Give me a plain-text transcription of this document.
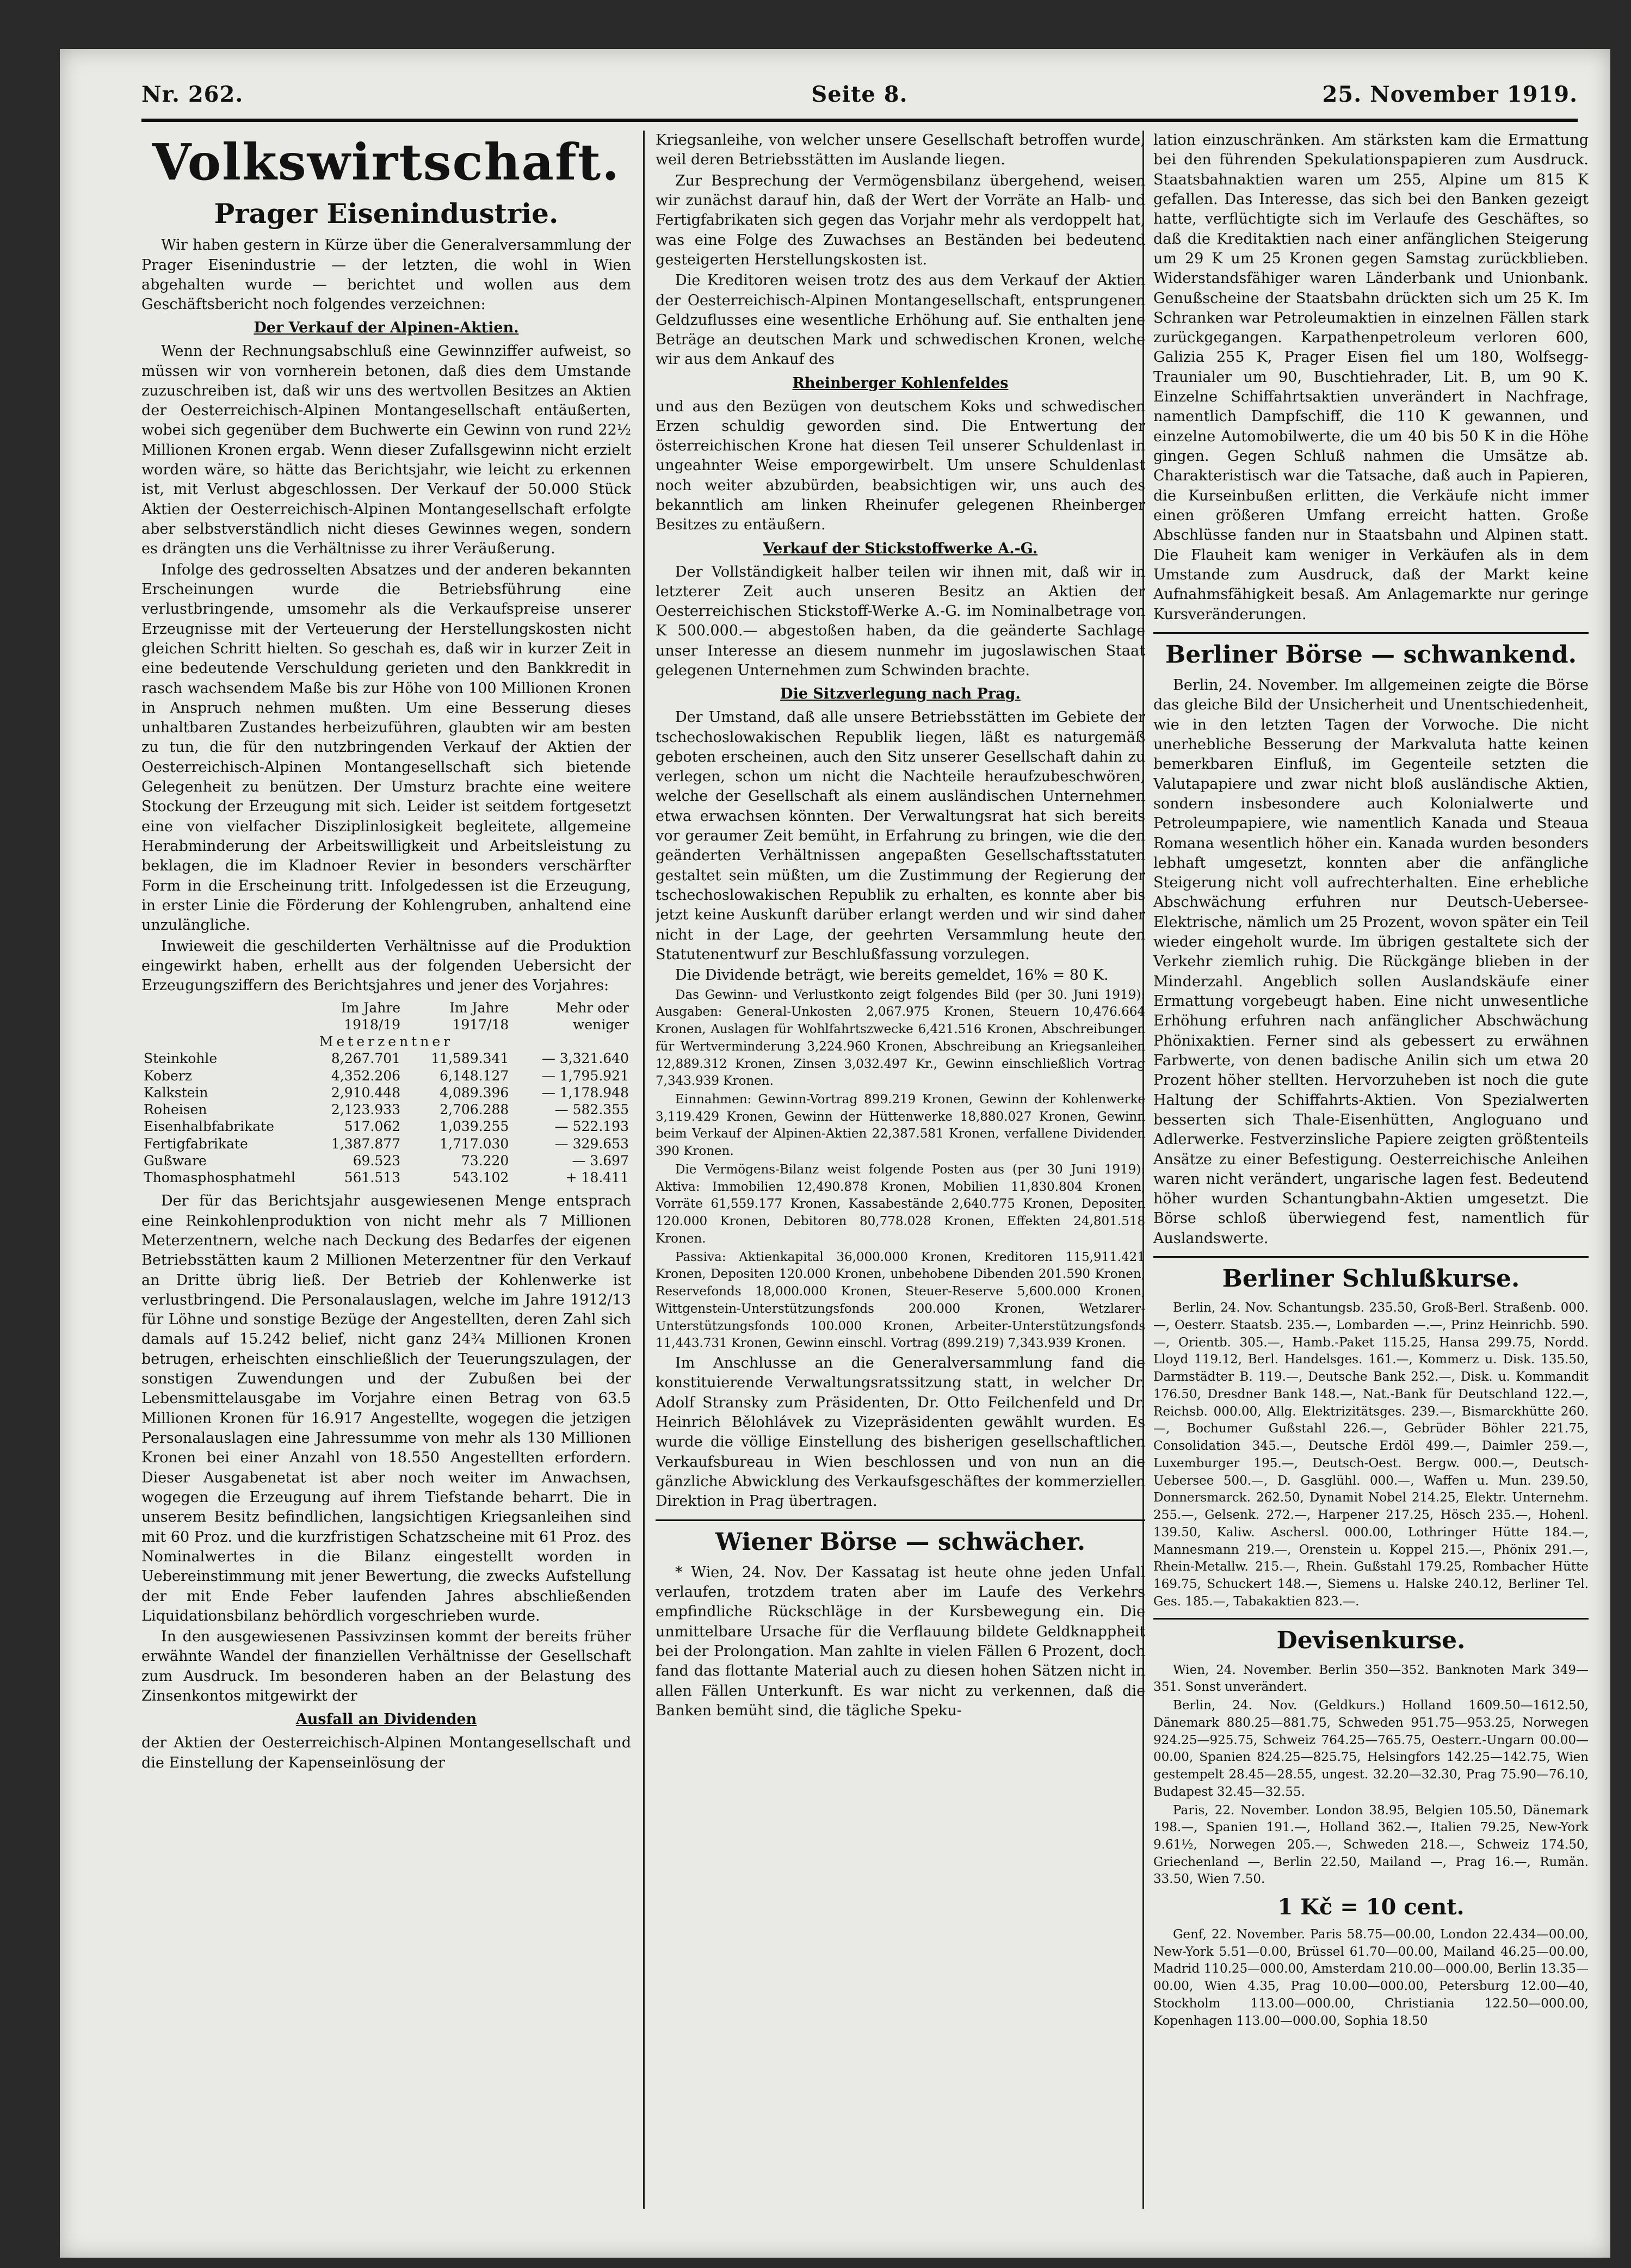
Nr. 262.	Seite 8.	25. November 1919.
Volkswirtschaft.
Prager Eisenindustrie.

Wir haben gestern in Kürze über die Generalversammlung der Prager Eisenindustrie — der letzten, die wohl in Wien abgehalten wurde — berichtet und wollen aus dem Geschäftsbericht noch folgendes verzeichnen:

Der Verkauf der Alpinen-Aktien.

Wenn der Rechnungsabschluß eine Gewinnziffer aufweist, so müssen wir von vornherein betonen, daß dies dem Umstande zuzuschreiben ist, daß wir uns des wertvollen Besitzes an Aktien der Oesterreichisch-Alpinen Montangesellschaft entäußerten, wobei sich gegenüber dem Buchwerte ein Gewinn von rund 22½ Millionen Kronen ergab. Wenn dieser Zufallsgewinn nicht erzielt worden wäre, so hätte das Berichtsjahr, wie leicht zu erkennen ist, mit Verlust abgeschlossen. Der Verkauf der 50.000 Stück Aktien der Oesterreichisch-Alpinen Montangesellschaft erfolgte aber selbstverständlich nicht dieses Gewinnes wegen, sondern es drängten uns die Verhältnisse zu ihrer Veräußerung.

Infolge des gedrosselten Absatzes und der anderen bekannten Erscheinungen wurde die Betriebsführung eine verlustbringende, umsomehr als die Verkaufspreise unserer Erzeugnisse mit der Verteuerung der Herstellungskosten nicht gleichen Schritt hielten. So geschah es, daß wir in kurzer Zeit in eine bedeutende Verschuldung gerieten und den Bankkredit in rasch wachsendem Maße bis zur Höhe von 100 Millionen Kronen in Anspruch nehmen mußten. Um eine Besserung dieses unhaltbaren Zustandes herbeizuführen, glaubten wir am besten zu tun, die für den nutzbringenden Verkauf der Aktien der Oesterreichisch-Alpinen Montangesellschaft sich bietende Gelegenheit zu benützen. Der Umsturz brachte eine weitere Stockung der Erzeugung mit sich. Leider ist seitdem fortgesetzt eine von vielfacher Disziplinlosigkeit begleitete, allgemeine Herabminderung der Arbeitswilligkeit und Arbeitsleistung zu beklagen, die im Kladnoer Revier in besonders verschärfter Form in die Erscheinung tritt. Infolgedessen ist die Erzeugung, in erster Linie die Förderung der Kohlengruben, anhaltend eine unzulängliche.

Inwieweit die geschilderten Verhältnisse auf die Produktion eingewirkt haben, erhellt aus der folgenden Uebersicht der Erzeugungsziffern des Berichtsjahres und jener des Vorjahres:

	Im Jahre 1918/19	Im Jahre 1917/18	Mehr oder weniger
Meterzentner			
Steinkohle	8,267.701	11,589.341	— 3,321.640
Koberz	4,352.206	6,148.127	— 1,795.921
Kalkstein	2,910.448	4,089.396	— 1,178.948
Roheisen	2,123.933	2,706.288	— 582.355
Eisenhalbfabrikate	517.062	1,039.255	— 522.193
Fertigfabrikate	1,387.877	1,717.030	— 329.653
Gußware	69.523	73.220	— 3.697
Thomasphosphatmehl	561.513	543.102	+ 18.411

Der für das Berichtsjahr ausgewiesenen Menge entsprach eine Reinkohlenproduktion von nicht mehr als 7 Millionen Meterzentnern, welche nach Deckung des Bedarfes der eigenen Betriebsstätten kaum 2 Millionen Meterzentner für den Verkauf an Dritte übrig ließ. Der Betrieb der Kohlenwerke ist verlustbringend. Die Personalauslagen, welche im Jahre 1912/13 für Löhne und sonstige Bezüge der Angestellten, deren Zahl sich damals auf 15.242 belief, nicht ganz 24¾ Millionen Kronen betrugen, erheischten einschließlich der Teuerungszulagen, der sonstigen Zuwendungen und der Zubußen bei der Lebensmittelausgabe im Vorjahre einen Betrag von 63.5 Millionen Kronen für 16.917 Angestellte, wogegen die jetzigen Personalauslagen eine Jahressumme von mehr als 130 Millionen Kronen bei einer Anzahl von 18.550 Angestellten erfordern. Dieser Ausgabenetat ist aber noch weiter im Anwachsen, wogegen die Erzeugung auf ihrem Tiefstande beharrt. Die in unserem Besitz befindlichen, langsichtigen Kriegsanleihen sind mit 60 Proz. und die kurzfristigen Schatzscheine mit 61 Proz. des Nominalwertes in die Bilanz eingestellt worden in Uebereinstimmung mit jener Bewertung, die zwecks Aufstellung der mit Ende Feber laufenden Jahres abschließenden Liquidationsbilanz behördlich vorgeschrieben wurde.

In den ausgewiesenen Passivzinsen kommt der bereits früher erwähnte Wandel der finanziellen Verhältnisse der Gesellschaft zum Ausdruck. Im besonderen haben an der Belastung des Zinsenkontos mitgewirkt der

Ausfall an Dividenden

der Aktien der Oesterreichisch-Alpinen Montangesellschaft und die Einstellung der Kapenseinlösung der

Kriegsanleihe, von welcher unsere Gesellschaft betroffen wurde, weil deren Betriebsstätten im Auslande liegen.

Zur Besprechung der Vermögensbilanz übergehend, weisen wir zunächst darauf hin, daß der Wert der Vorräte an Halb- und Fertigfabrikaten sich gegen das Vorjahr mehr als verdoppelt hat, was eine Folge des Zuwachses an Beständen bei bedeutend gesteigerten Herstellungskosten ist.

Die Kreditoren weisen trotz des aus dem Verkauf der Aktien der Oesterreichisch-Alpinen Montangesellschaft, entsprungenen Geldzuflusses eine wesentliche Erhöhung auf. Sie enthalten jene Beträge an deutschen Mark und schwedischen Kronen, welche wir aus dem Ankauf des

Rheinberger Kohlenfeldes

und aus den Bezügen von deutschem Koks und schwedischen Erzen schuldig geworden sind. Die Entwertung der österreichischen Krone hat diesen Teil unserer Schuldenlast in ungeahnter Weise emporgewirbelt. Um unsere Schuldenlast noch weiter abzubürden, beabsichtigen wir, uns auch des bekanntlich am linken Rheinufer gelegenen Rheinberger Besitzes zu entäußern.

Verkauf der Stickstoffwerke A.-G.

Der Vollständigkeit halber teilen wir ihnen mit, daß wir in letzterer Zeit auch unseren Besitz an Aktien der Oesterreichischen Stickstoff-Werke A.-G. im Nominalbetrage von K 500.000.— abgestoßen haben, da die geänderte Sachlage unser Interesse an diesem nunmehr im jugoslawischen Staat gelegenen Unternehmen zum Schwinden brachte.

Die Sitzverlegung nach Prag.

Der Umstand, daß alle unsere Betriebsstätten im Gebiete der tschechoslowakischen Republik liegen, läßt es naturgemäß geboten erscheinen, auch den Sitz unserer Gesellschaft dahin zu verlegen, schon um nicht die Nachteile heraufzubeschwören, welche der Gesellschaft als einem ausländischen Unternehmen etwa erwachsen könnten. Der Verwaltungsrat hat sich bereits vor geraumer Zeit bemüht, in Erfahrung zu bringen, wie die den geänderten Verhältnissen angepaßten Gesellschaftsstatuten gestaltet sein müßten, um die Zustimmung der Regierung der tschechoslowakischen Republik zu erhalten, es konnte aber bis jetzt keine Auskunft darüber erlangt werden und wir sind daher nicht in der Lage, der geehrten Versammlung heute den Statutenentwurf zur Beschlußfassung vorzulegen.

Die Dividende beträgt, wie bereits gemeldet, 16% = 80 K.

Das Gewinn- und Verlustkonto zeigt folgendes Bild (per 30. Juni 1919): Ausgaben: General-Unkosten 2,067.975 Kronen, Steuern 10,476.664 Kronen, Auslagen für Wohlfahrtszwecke 6,421.516 Kronen, Abschreibungen für Wertverminderung 3,224.960 Kronen, Abschreibung an Kriegsanleihen 12,889.312 Kronen, Zinsen 3,032.497 Kr., Gewinn einschließlich Vortrag 7,343.939 Kronen.

Einnahmen: Gewinn-Vortrag 899.219 Kronen, Gewinn der Kohlenwerke 3,119.429 Kronen, Gewinn der Hüttenwerke 18,880.027 Kronen, Gewinn beim Verkauf der Alpinen-Aktien 22,387.581 Kronen, verfallene Dividenden 390 Kronen.

Die Vermögens-Bilanz weist folgende Posten aus (per 30 Juni 1919): Aktiva: Immobilien 12,490.878 Kronen, Mobilien 11,830.804 Kronen, Vorräte 61,559.177 Kronen, Kassabestände 2,640.775 Kronen, Depositen 120.000 Kronen, Debitoren 80,778.028 Kronen, Effekten 24,801.518 Kronen.

Passiva: Aktienkapital 36,000.000 Kronen, Kreditoren 115,911.421 Kronen, Depositen 120.000 Kronen, unbehobene Dibenden 201.590 Kronen, Reservefonds 18,000.000 Kronen, Steuer-Reserve 5,600.000 Kronen, Wittgenstein-Unterstützungsfonds 200.000 Kronen, Wetzlarer-Unterstützungsfonds 100.000 Kronen, Arbeiter-Unterstützungsfonds 11,443.731 Kronen, Gewinn einschl. Vortrag (899.219) 7,343.939 Kronen.

Im Anschlusse an die Generalversammlung fand die konstituierende Verwaltungsratssitzung statt, in welcher Dr. Adolf Stransky zum Präsidenten, Dr. Otto Feilchenfeld und Dr. Heinrich Bělohlávek zu Vizepräsidenten gewählt wurden. Es wurde die völlige Einstellung des bisherigen gesellschaftlichen Verkaufsbureau in Wien beschlossen und von nun an die gänzliche Abwicklung des Verkaufsgeschäftes der kommerziellen Direktion in Prag übertragen.

Wiener Börse — schwächer.

* Wien, 24. Nov. Der Kassatag ist heute ohne jeden Unfall verlaufen, trotzdem traten aber im Laufe des Verkehrs empfindliche Rückschläge in der Kursbewegung ein. Die unmittelbare Ursache für die Verflauung bildete Geldknappheit bei der Prolongation. Man zahlte in vielen Fällen 6 Prozent, doch fand das flottante Material auch zu diesen hohen Sätzen nicht in allen Fällen Unterkunft. Es war nicht zu verkennen, daß die Banken bemüht sind, die tägliche Speku-

lation einzuschränken. Am stärksten kam die Ermattung bei den führenden Spekulationspapieren zum Ausdruck. Staatsbahnaktien waren um 255, Alpine um 815 K gefallen. Das Interesse, das sich bei den Banken gezeigt hatte, verflüchtigte sich im Verlaufe des Geschäftes, so daß die Kreditaktien nach einer anfänglichen Steigerung um 29 K um 25 Kronen gegen Samstag zurückblieben. Widerstandsfähiger waren Länderbank und Unionbank. Genußscheine der Staatsbahn drückten sich um 25 K. Im Schranken war Petroleumaktien in einzelnen Fällen stark zurückgegangen. Karpathenpetroleum verloren 600, Galizia 255 K, Prager Eisen fiel um 180, Wolfsegg-Traunialer um 90, Buschtiehrader, Lit. B, um 90 K. Einzelne Schiffahrtsaktien unverändert in Nachfrage, namentlich Dampfschiff, die 110 K gewannen, und einzelne Automobilwerte, die um 40 bis 50 K in die Höhe gingen. Gegen Schluß nahmen die Umsätze ab. Charakteristisch war die Tatsache, daß auch in Papieren, die Kurseinbußen erlitten, die Verkäufe nicht immer einen größeren Umfang erreicht hatten. Große Abschlüsse fanden nur in Staatsbahn und Alpinen statt. Die Flauheit kam weniger in Verkäufen als in dem Umstande zum Ausdruck, daß der Markt keine Aufnahmsfähigkeit besaß. Am Anlagemarkte nur geringe Kursveränderungen.

Berliner Börse — schwankend.

Berlin, 24. November. Im allgemeinen zeigte die Börse das gleiche Bild der Unsicherheit und Unentschiedenheit, wie in den letzten Tagen der Vorwoche. Die nicht unerhebliche Besserung der Markvaluta hatte keinen bemerkbaren Einfluß, im Gegenteile setzten die Valutapapiere und zwar nicht bloß ausländische Aktien, sondern insbesondere auch Kolonialwerte und Petroleumpapiere, wie namentlich Kanada und Steaua Romana wesentlich höher ein. Kanada wurden besonders lebhaft umgesetzt, konnten aber die anfängliche Steigerung nicht voll aufrechterhalten. Eine erhebliche Abschwächung erfuhren nur Deutsch-Uebersee-Elektrische, nämlich um 25 Prozent, wovon später ein Teil wieder eingeholt wurde. Im übrigen gestaltete sich der Verkehr ziemlich ruhig. Die Rückgänge blieben in der Minderzahl. Angeblich sollen Auslandskäufe einer Ermattung vorgebeugt haben. Eine nicht unwesentliche Erhöhung erfuhren nach anfänglicher Abschwächung Phönixaktien. Ferner sind als gebessert zu erwähnen Farbwerte, von denen badische Anilin sich um etwa 20 Prozent höher stellten. Hervorzuheben ist noch die gute Haltung der Schiffahrts-Aktien. Von Spezialwerten besserten sich Thale-Eisenhütten, Angloguano und Adlerwerke. Festverzinsliche Papiere zeigten größtenteils Ansätze zu einer Befestigung. Oesterreichische Anleihen waren nicht verändert, ungarische lagen fest. Bedeutend höher wurden Schantungbahn-Aktien umgesetzt. Die Börse schloß überwiegend fest, namentlich für Auslandswerte.

Berliner Schlußkurse.

Berlin, 24. Nov. Schantungsb. 235.50, Groß-Berl. Straßenb. 000.—, Oesterr. Staatsb. 235.—, Lombarden —.—, Prinz Heinrichb. 590.—, Orientb. 305.—, Hamb.-Paket 115.25, Hansa 299.75, Nordd. Lloyd 119.12, Berl. Handelsges. 161.—, Kommerz u. Disk. 135.50, Darmstädter B. 119.—, Deutsche Bank 252.—, Disk. u. Kommandit 176.50, Dresdner Bank 148.—, Nat.-Bank für Deutschland 122.—, Reichsb. 000.00, Allg. Elektrizitätsges. 239.—, Bismarckhütte 260.—, Bochumer Gußstahl 226.—, Gebrüder Böhler 221.75, Consolidation 345.—, Deutsche Erdöl 499.—, Daimler 259.—, Luxemburger 195.—, Deutsch-Oest. Bergw. 000.—, Deutsch-Uebersee 500.—, D. Gasglühl. 000.—, Waffen u. Mun. 239.50, Donnersmarck. 262.50, Dynamit Nobel 214.25, Elektr. Unternehm. 255.—, Gelsenk. 272.—, Harpener 217.25, Hösch 235.—, Hohenl. 139.50, Kaliw. Aschersl. 000.00, Lothringer Hütte 184.—, Mannesmann 219.—, Orenstein u. Koppel 215.—, Phönix 291.—, Rhein-Metallw. 215.—, Rhein. Gußstahl 179.25, Rombacher Hütte 169.75, Schuckert 148.—, Siemens u. Halske 240.12, Berliner Tel. Ges. 185.—, Tabakaktien 823.—.

Devisenkurse.

Wien, 24. November. Berlin 350—352. Banknoten Mark 349—351. Sonst unverändert.

Berlin, 24. Nov. (Geldkurs.) Holland 1609.50—1612.50, Dänemark 880.25—881.75, Schweden 951.75—953.25, Norwegen 924.25—925.75, Schweiz 764.25—765.75, Oesterr.-Ungarn 00.00—00.00, Spanien 824.25—825.75, Helsingfors 142.25—142.75, Wien gestempelt 28.45—28.55, ungest. 32.20—32.30, Prag 75.90—76.10, Budapest 32.45—32.55.

Paris, 22. November. London 38.95, Belgien 105.50, Dänemark 198.—, Spanien 191.—, Holland 362.—, Italien 79.25, New-York 9.61½, Norwegen 205.—, Schweden 218.—, Schweiz 174.50, Griechenland —, Berlin 22.50, Mailand —, Prag 16.—, Rumän. 33.50, Wien 7.50.

1 Kč = 10 cent.

Genf, 22. November. Paris 58.75—00.00, London 22.434—00.00, New-York 5.51—0.00, Brüssel 61.70—00.00, Mailand 46.25—00.00, Madrid 110.25—000.00, Amsterdam 210.00—000.00, Berlin 13.35—00.00, Wien 4.35, Prag 10.00—000.00, Petersburg 12.00—40, Stockholm 113.00—000.00, Christiania 122.50—000.00, Kopenhagen 113.00—000.00, Sophia 18.50
